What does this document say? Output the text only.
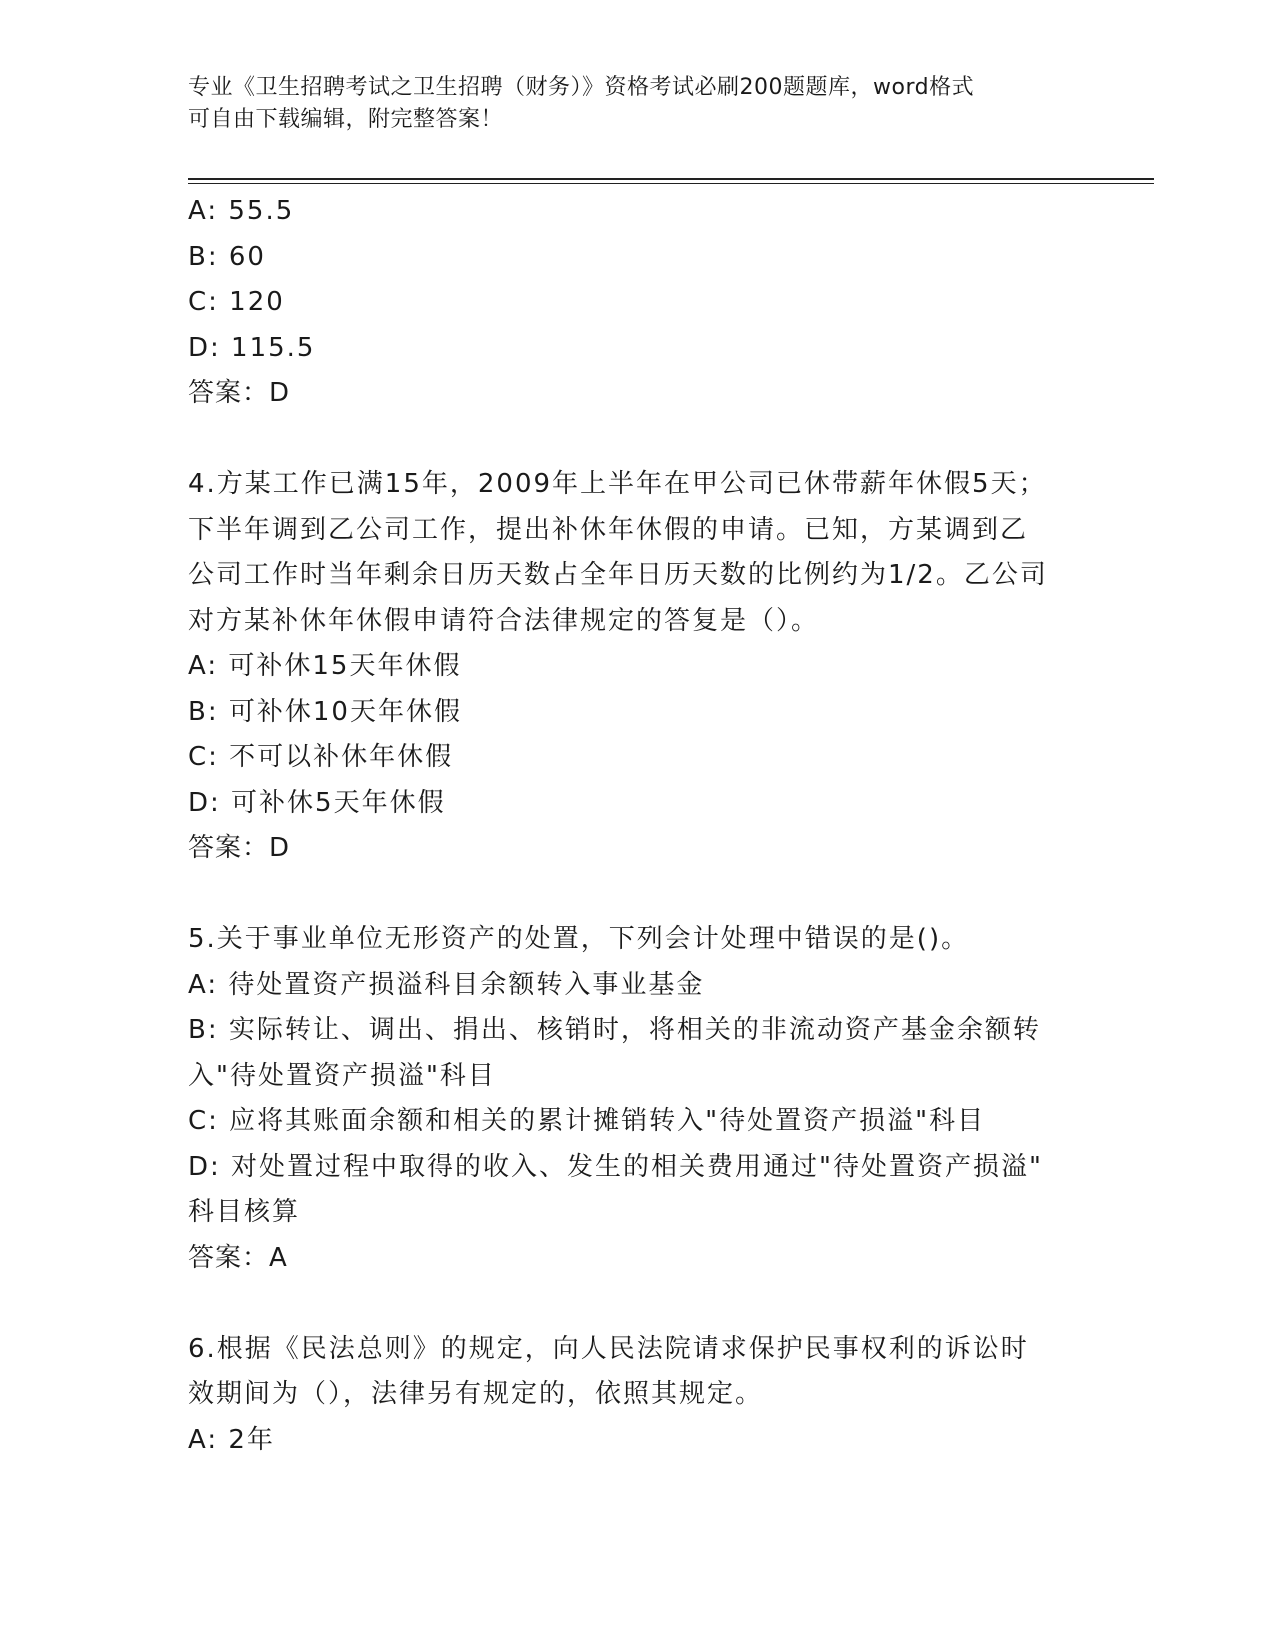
专业《卫生招聘考试之卫生招聘（财务）》资格考试必刷200题题库，word格式
可自由下载编辑，附完整答案！
A: 55.5
B: 60
C: 120
D: 115.5
答案：D
4.方某工作已满15年，2009年上半年在甲公司已休带薪年休假5天；
下半年调到乙公司工作，提出补休年休假的申请。已知，方某调到乙
公司工作时当年剩余日历天数占全年日历天数的比例约为1/2。乙公司
对方某补休年休假申请符合法律规定的答复是（）。
A: 可补休15天年休假
B: 可补休10天年休假
C: 不可以补休年休假
D: 可补休5天年休假
答案：D
5.关于事业单位无形资产的处置，下列会计处理中错误的是()。
A: 待处置资产损溢科目余额转入事业基金
B: 实际转让、调出、捐出、核销时，将相关的非流动资产基金余额转
入"待处置资产损溢"科目
C: 应将其账面余额和相关的累计摊销转入"待处置资产损溢"科目
D: 对处置过程中取得的收入、发生的相关费用通过"待处置资产损溢"
科目核算
答案：A
6.根据《民法总则》的规定，向人民法院请求保护民事权利的诉讼时
效期间为（），法律另有规定的，依照其规定。
A: 2年
